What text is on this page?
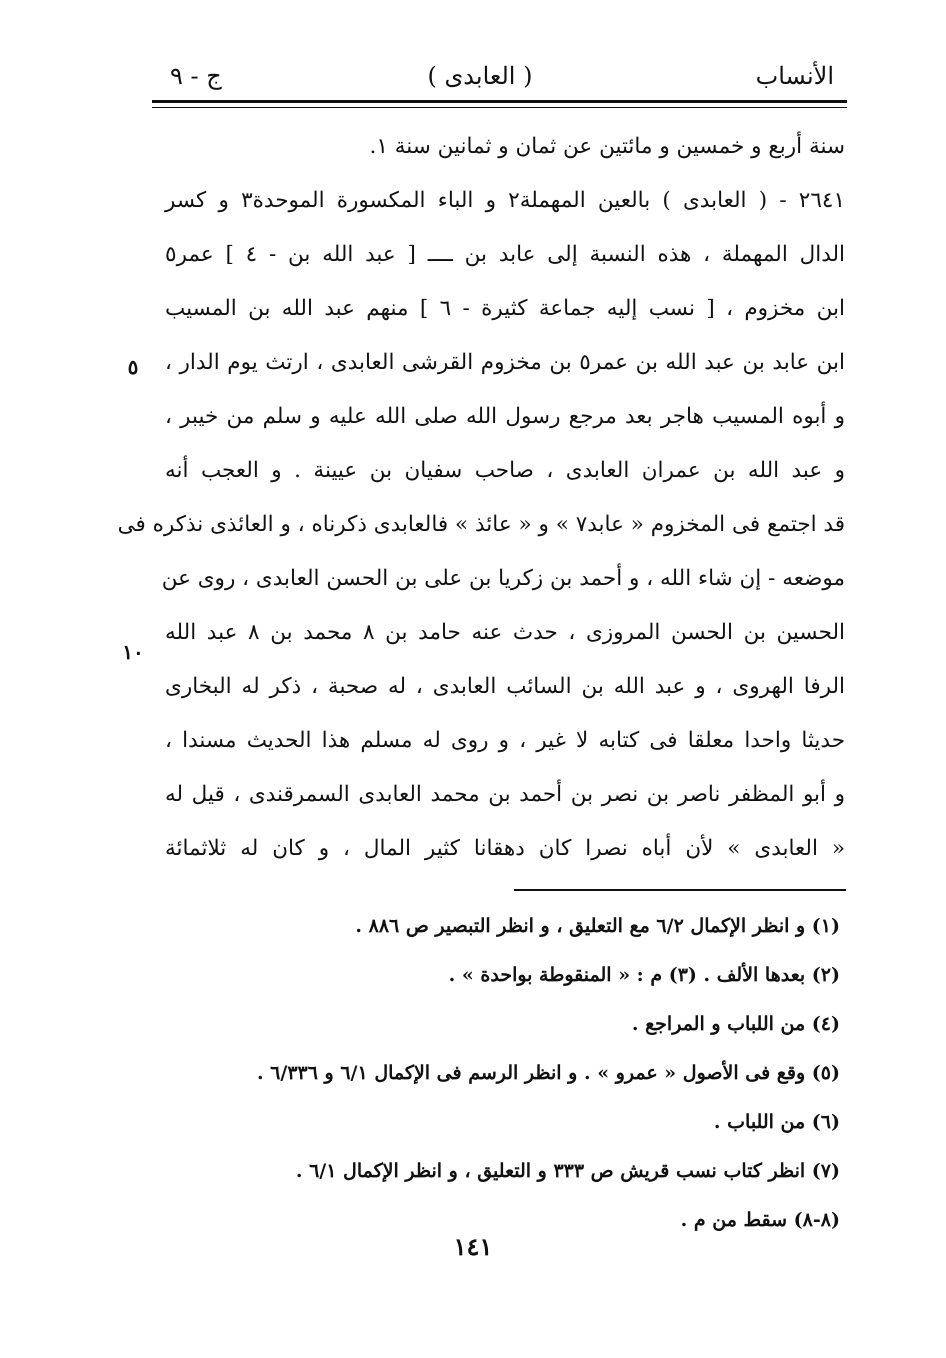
الأنساب
( العابدى )
ج - ٩
سنة أربع و خمسين و مائتين عن ثمان و ثمانين سنة ١.
٢٦٤١ - ( العابدى ) بالعين المهملة٢ و الباء المكسورة الموحدة٣ و كسر
الدال المهملة ، هذه النسبة إلى عابد بن ــــ [ عبد الله بن - ٤ ] عمر٥
ابن مخزوم ، [ نسب إليه جماعة كثيرة - ٦ ] منهم عبد الله بن المسيب
ابن عابد بن عبد الله بن عمر٥ بن مخزوم القرشى العابدى ، ارتث يوم الدار ،
و أبوه المسيب هاجر بعد مرجع رسول الله صلى الله عليه و سلم من خيبر ،
و عبد الله بن عمران العابدى ، صاحب سفيان بن عيينة . و العجب أنه
قد اجتمع فى المخزوم « عابد٧ » و « عائذ » فالعابدى ذكرناه ، و العائذى نذكره فى
موضعه - إن شاء الله ، و أحمد بن زكريا بن على بن الحسن العابدى ، روى عن
الحسين بن الحسن المروزى ، حدث عنه حامد بن ٨ محمد بن ٨ عبد الله
الرفا الهروى ، و عبد الله بن السائب العابدى ، له صحبة ، ذكر له البخارى
حديثا واحدا معلقا فى كتابه لا غير ، و روى له مسلم هذا الحديث مسندا ،
و أبو المظفر ناصر بن نصر بن أحمد بن محمد العابدى السمرقندى ، قيل له
« العابدى » لأن أباه نصرا كان دهقانا كثير المال ، و كان له ثلاثمائة
٥
١٠
(١) و انظر الإكمال ٦/٢ مع التعليق ، و انظر التبصير ص ٨٨٦ .
(٢) بعدها الألف . (٣) م : « المنقوطة بواحدة » .
(٤) من اللباب و المراجع .
(٥) وقع فى الأصول « عمرو » . و انظر الرسم فى الإكمال ٦/١ و ٦/٣٣٦ .
(٦) من اللباب .
(٧) انظر كتاب نسب قريش ص ٣٣٣ و التعليق ، و انظر الإكمال ٦/١ .
(٨-٨) سقط من م .
١٤١
